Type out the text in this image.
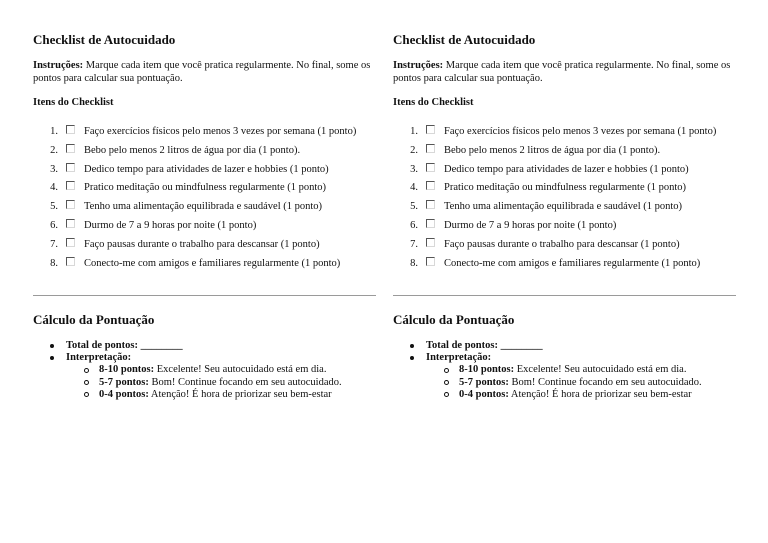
Checklist de Autocuidado

Instruções: Marque cada item que você pratica regularmente. No final, some os pontos para calcular sua pontuação.

Itens do Checklist
1. Faço exercícios físicos pelo menos 3 vezes por semana (1 ponto)
2. Bebo pelo menos 2 litros de água por dia (1 ponto).
3. Dedico tempo para atividades de lazer e hobbies (1 ponto)
4. Pratico meditação ou mindfulness regularmente (1 ponto)
5. Tenho uma alimentação equilibrada e saudável (1 ponto)
6. Durmo de 7 a 9 horas por noite (1 ponto)
7. Faço pausas durante o trabalho para descansar (1 ponto)
8. Conecto-me com amigos e familiares regularmente (1 ponto)
Cálculo da Pontuação
Total de pontos: ________
Interpretação:
8-10 pontos: Excelente! Seu autocuidado está em dia.
5-7 pontos: Bom! Continue focando em seu autocuidado.
0-4 pontos: Atenção! É hora de priorizar seu bem-estar
Checklist de Autocuidado

Instruções: Marque cada item que você pratica regularmente. No final, some os pontos para calcular sua pontuação.

Itens do Checklist
1. Faço exercícios físicos pelo menos 3 vezes por semana (1 ponto)
2. Bebo pelo menos 2 litros de água por dia (1 ponto).
3. Dedico tempo para atividades de lazer e hobbies (1 ponto)
4. Pratico meditação ou mindfulness regularmente (1 ponto)
5. Tenho uma alimentação equilibrada e saudável (1 ponto)
6. Durmo de 7 a 9 horas por noite (1 ponto)
7. Faço pausas durante o trabalho para descansar (1 ponto)
8. Conecto-me com amigos e familiares regularmente (1 ponto)
Cálculo da Pontuação
Total de pontos: ________
Interpretação:
8-10 pontos: Excelente! Seu autocuidado está em dia.
5-7 pontos: Bom! Continue focando em seu autocuidado.
0-4 pontos: Atenção! É hora de priorizar seu bem-estar
